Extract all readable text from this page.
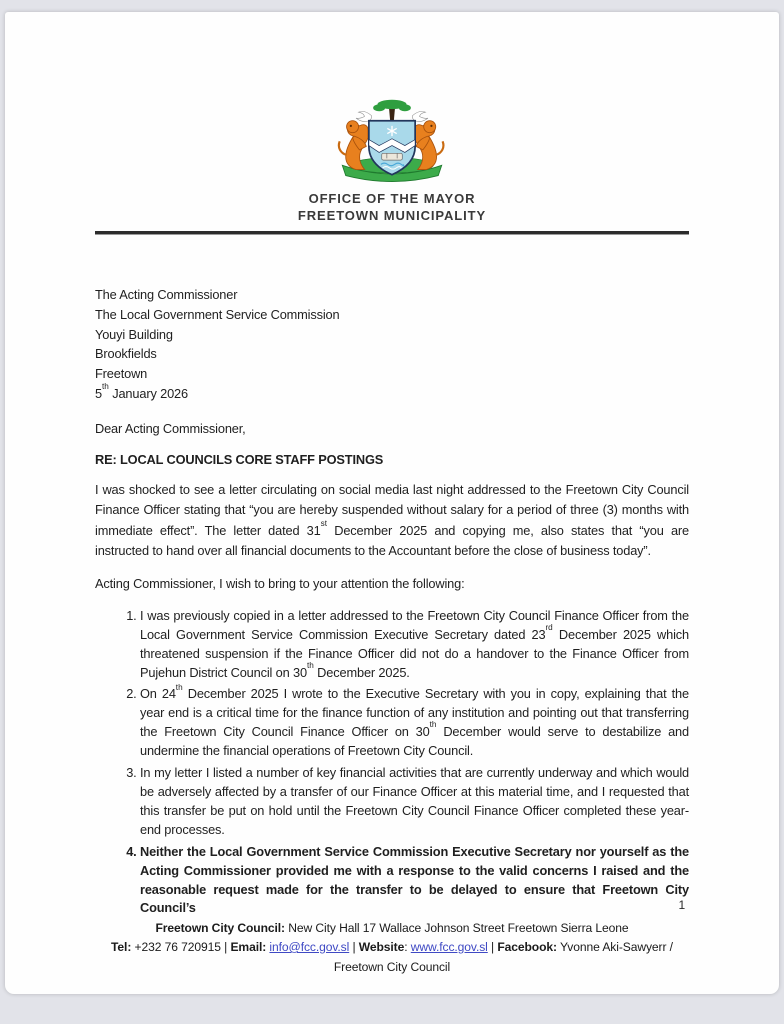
OFFICE OF THE MAYOR
FREETOWN MUNICIPALITY
The Acting Commissioner
The Local Government Service Commission
Youyi Building
Brookfields
Freetown
5th January 2026
Dear Acting Commissioner,
RE: LOCAL COUNCILS CORE STAFF POSTINGS

I was shocked to see a letter circulating on social media last night addressed to the Freetown City Council Finance Officer stating that “you are hereby suspended without salary for a period of three (3) months with immediate effect”. The letter dated 31st December 2025 and copying me, also states that “you are instructed to hand over all financial documents to the Accountant before the close of business today”.

Acting Commissioner, I wish to bring to your attention the following:

1. I was previously copied in a letter addressed to the Freetown City Council Finance Officer from the Local Government Service Commission Executive Secretary dated 23rd December 2025 which threatened suspension if the Finance Officer did not do a handover to the Finance Officer from Pujehun District Council on 30th December 2025.
2. On 24th December 2025 I wrote to the Executive Secretary with you in copy, explaining that the year end is a critical time for the finance function of any institution and pointing out that transferring the Freetown City Council Finance Officer on 30th December would serve to destabilize and undermine the financial operations of Freetown City Council.
3. In my letter I listed a number of key financial activities that are currently underway and which would be adversely affected by a transfer of our Finance Officer at this material time, and I requested that this transfer be put on hold until the Freetown City Council Finance Officer completed these year-end processes.
4. Neither the Local Government Service Commission Executive Secretary nor yourself as the Acting Commissioner provided me with a response to the valid concerns I raised and the reasonable request made for the transfer to be delayed to ensure that Freetown City Council’s	1
Freetown City Council: New City Hall 17 Wallace Johnson Street Freetown Sierra Leone
Tel: +232 76 720915 | Email: info@fcc.gov.sl | Website: www.fcc.gov.sl | Facebook: Yvonne Aki-Sawyerr /
Freetown City Council
